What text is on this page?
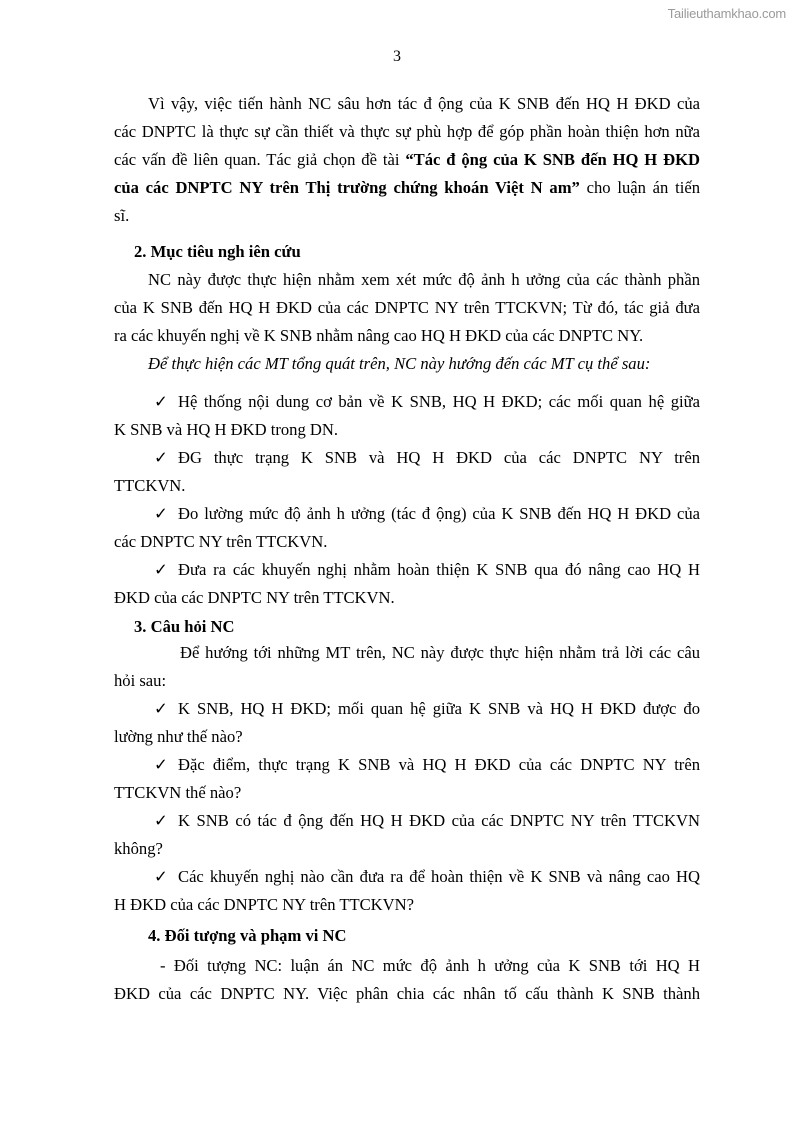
Tailieuthamkhao.com
3
Vì vậy, việc tiến hành NC sâu hơn tác đ ộng của K SNB đến HQ H ĐKD của
các DNPTC là thực sự cần thiết và thực sự phù hợp để góp phần hoàn thiện hơn nữa
các vấn đề liên quan. Tác giả chọn đề tài “Tác đ ộng của K SNB đến HQ H ĐKD
của các DNPTC NY trên Thị trường chứng khoán Việt N am” cho luận án tiến
sĩ.
2. Mục tiêu ngh iên cứu
NC này được thực hiện nhằm xem xét mức độ ảnh h ưởng của các thành phần
của K SNB đến HQ H ĐKD của các DNPTC NY trên TTCKVN; Từ đó, tác giả đưa
ra các khuyến nghị về K SNB nhằm nâng cao HQ H ĐKD của các DNPTC NY.
Để thực hiện các MT tổng quát trên, NC này hướng đến các MT cụ thể sau:
✓ Hệ thống nội dung cơ bản về K SNB, HQ H ĐKD; các mối quan hệ giữa
K SNB và HQ H ĐKD trong DN.
✓ ĐG thực trạng K SNB và HQ H ĐKD của các DNPTC NY trên
TTCKVN.
✓ Đo lường mức độ ảnh h ưởng (tác đ ộng) của K SNB đến HQ H ĐKD của
các DNPTC NY trên TTCKVN.
✓ Đưa ra các khuyến nghị nhằm hoàn thiện K SNB qua đó nâng cao HQ H
ĐKD của các DNPTC NY trên TTCKVN.
3. Câu hỏi NC
Để hướng tới những MT trên, NC này được thực hiện nhằm trả lời các câu
hỏi sau:
✓ K SNB, HQ H ĐKD; mối quan hệ giữa K SNB và HQ H ĐKD được đo
lường như thế nào?
✓ Đặc điểm, thực trạng K SNB và HQ H ĐKD của các DNPTC NY trên
TTCKVN thế nào?
✓ K SNB có tác đ ộng đến HQ H ĐKD của các DNPTC NY trên TTCKVN
không?
✓ Các khuyến nghị nào cần đưa ra để hoàn thiện về K SNB và nâng cao HQ
H ĐKD của các DNPTC NY trên TTCKVN?
4. Đối tượng và phạm vi NC
- Đối tượng NC: luận án NC mức độ ảnh h ưởng của K SNB tới HQ H
ĐKD của các DNPTC NY. Việc phân chia các nhân tố cấu thành K SNB thành
